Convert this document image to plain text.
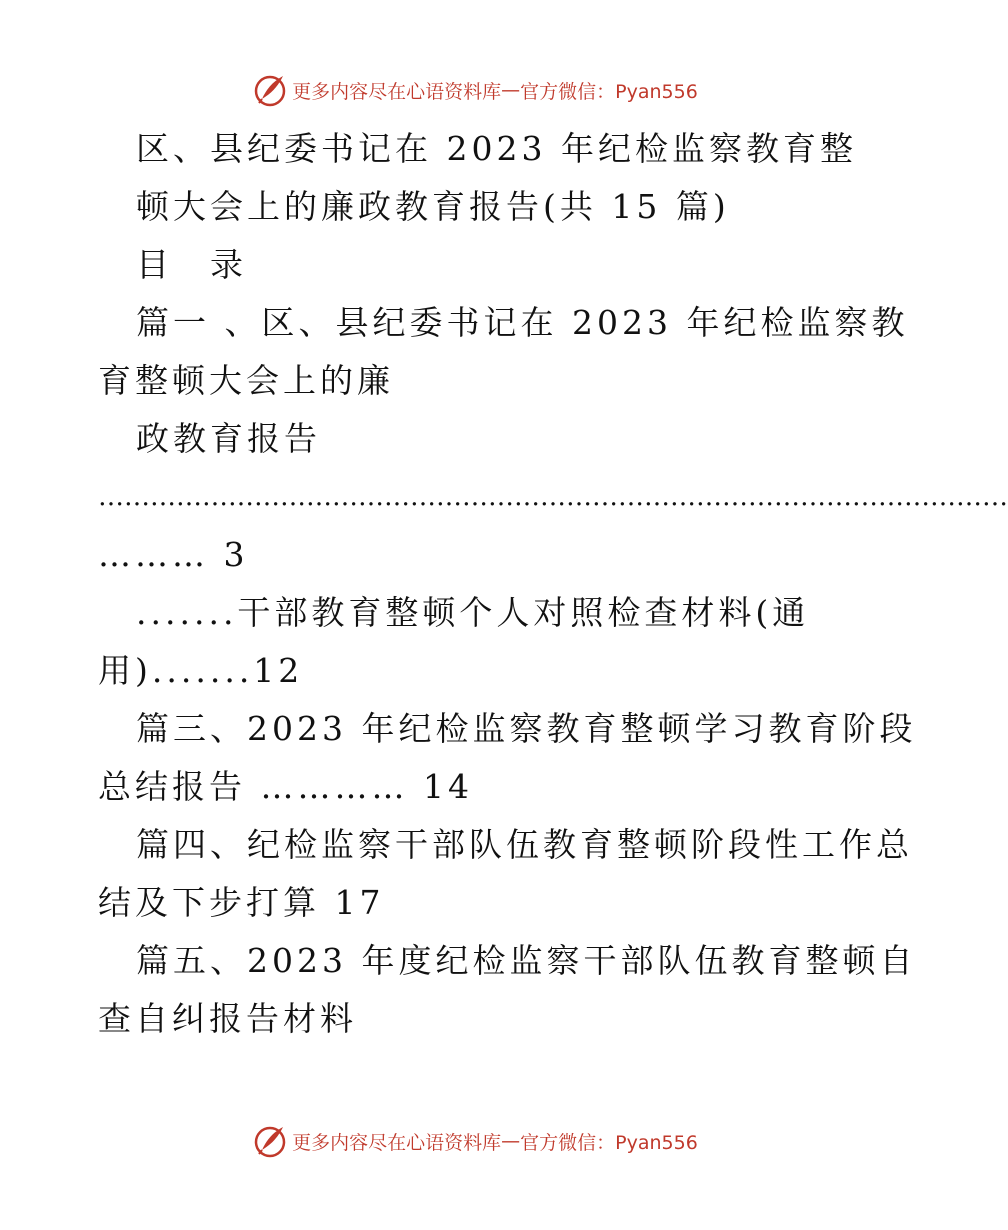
更多内容尽在心语资料库 — 官方微信：Pyan556
区、县纪委书记在 2023 年纪检监察教育整
顿大会上的廉政教育报告(共 15 篇)
目　录
篇一 、区、县纪委书记在 2023 年纪检监察教
育整顿大会上的廉
政教育报告
……………………………………………………………………………………………
……… 3
.......干部教育整顿个人对照检查材料(通
用).......12
篇三、2023 年纪检监察教育整顿学习教育阶段
总结报告 ………… 14
篇四、纪检监察干部队伍教育整顿阶段性工作总
结及下步打算 17
篇五、2023 年度纪检监察干部队伍教育整顿自
查自纠报告材料
更多内容尽在心语资料库 — 官方微信：Pyan556
